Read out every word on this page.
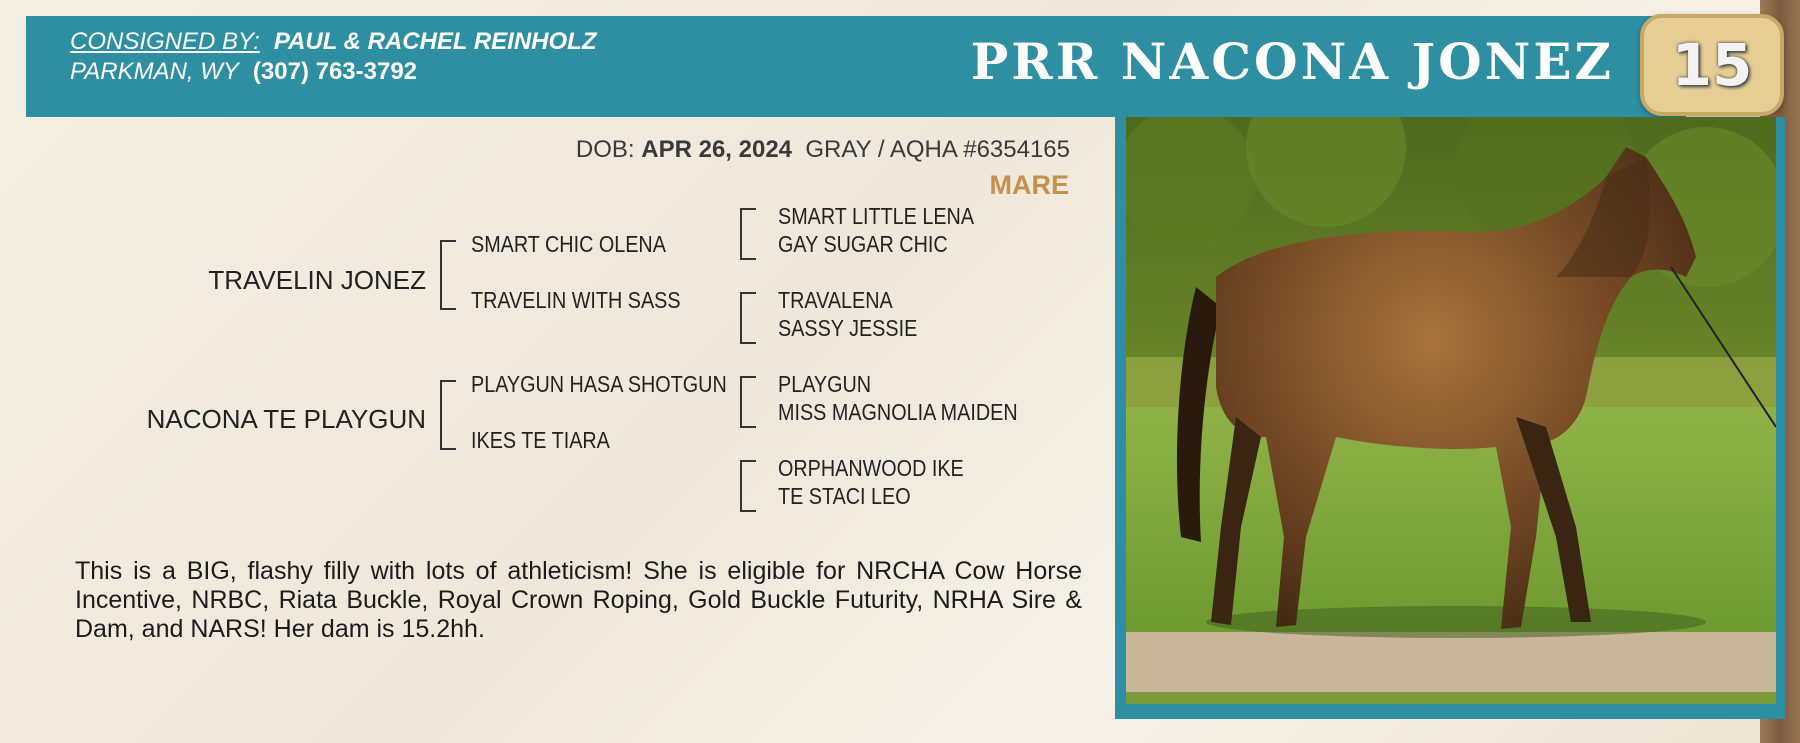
CONSIGNED BY: PAUL & RACHEL REINHOLZ
PARKMAN, WY (307) 763-3792	PRR NACONA JONEZ 15
DOB: APR 26, 2024 GRAY / AQHA #6354165
MARE
TRAVELIN JONEZ
NACONA TE PLAYGUN
SMART CHIC OLENA
TRAVELIN WITH SASS
PLAYGUN HASA SHOTGUN
IKES TE TIARA
SMART LITTLE LENA
GAY SUGAR CHIC
TRAVALENA
SASSY JESSIE
PLAYGUN
MISS MAGNOLIA MAIDEN
ORPHANWOOD IKE
TE STACI LEO
This is a BIG, flashy filly with lots of athleticism! She is eligible for NRCHA Cow Horse Incentive, NRBC, Riata Buckle, Royal Crown Roping, Gold Buckle Futurity, NRHA Sire & Dam, and NARS! Her dam is 15.2hh.
